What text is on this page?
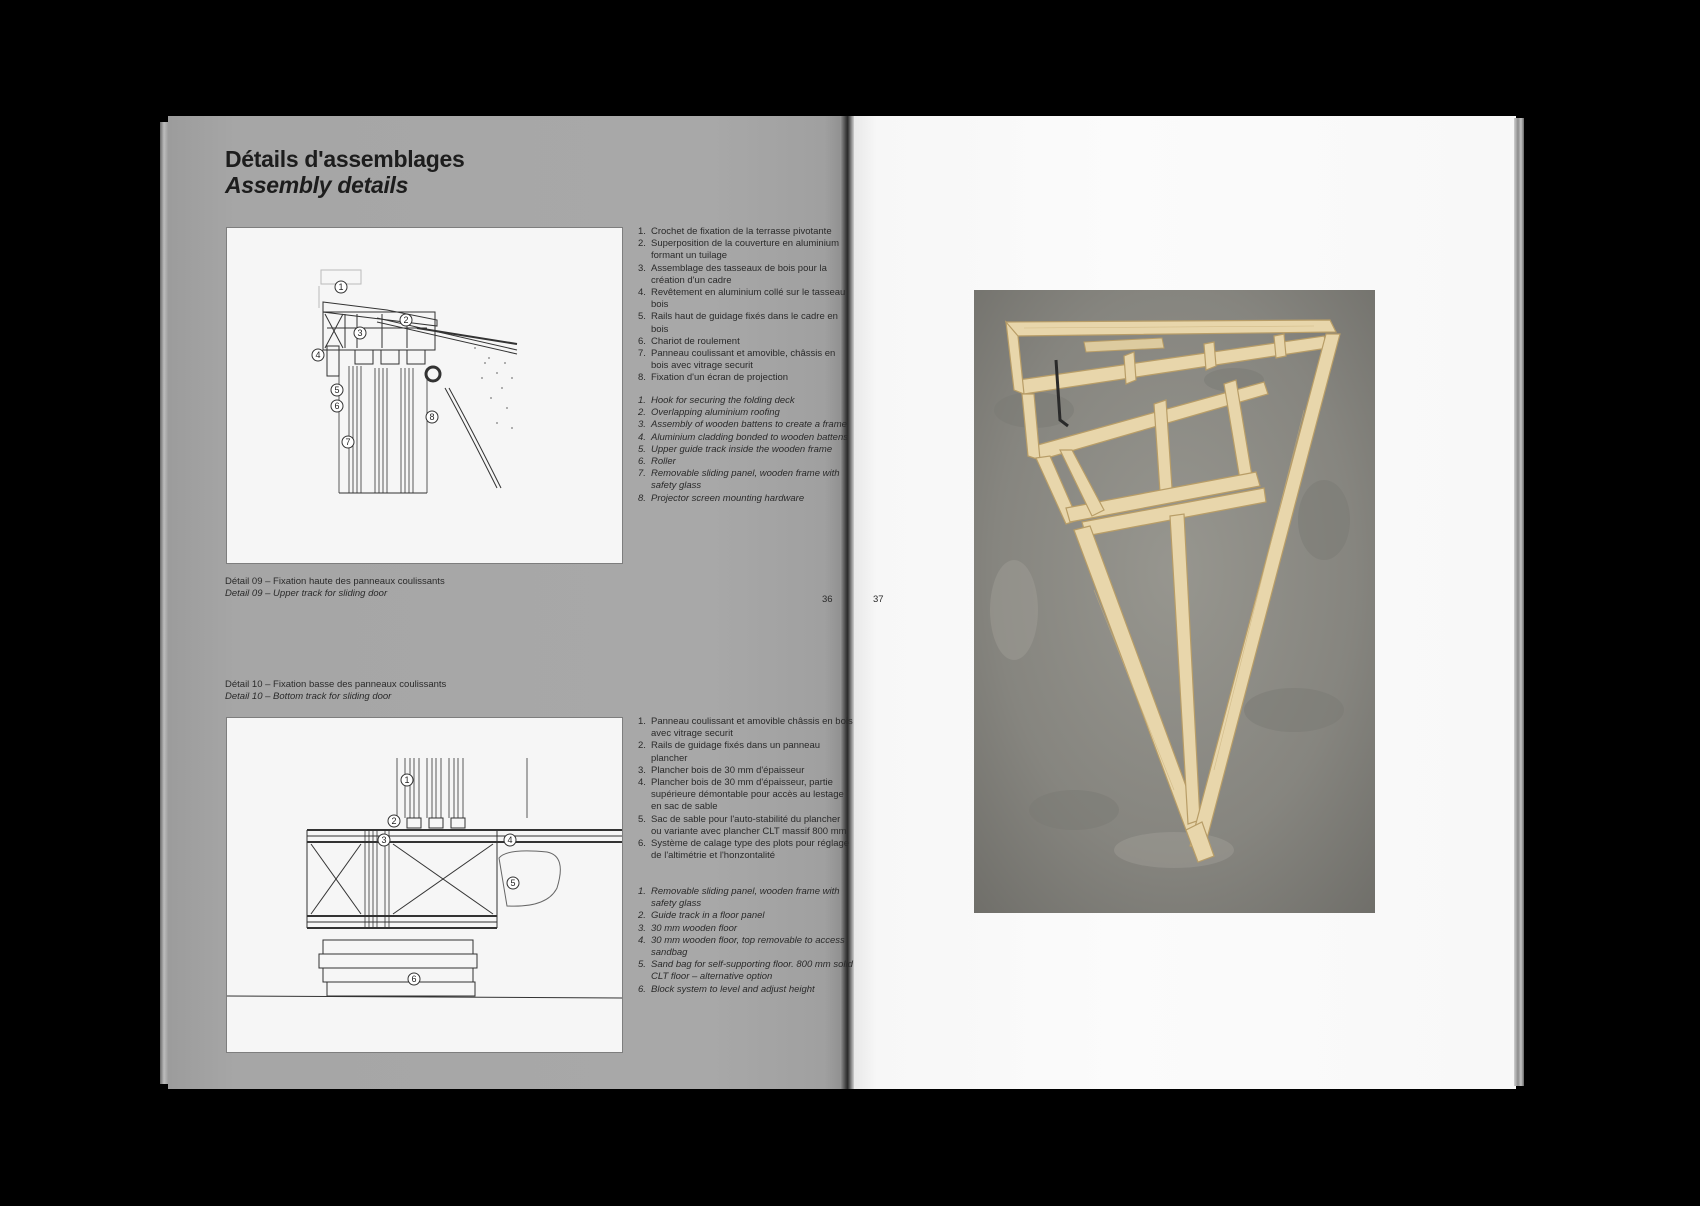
Détails d'assemblages
Assembly details
1
2
3
4
5
6
7
8
1. Crochet de fixation de la terrasse pivotante
2. Superposition de la couverture en aluminium formant un tuilage
3. Assemblage des tasseaux de bois pour la création d'un cadre
4. Revêtement en aluminium collé sur le tasseau bois
5. Rails haut de guidage fixés dans le cadre en bois
6. Chariot de roulement
7. Panneau coulissant et amovible, châssis en bois avec vitrage securit
8. Fixation d'un écran de projection
1. Hook for securing the folding deck
2. Overlapping aluminium roofing
3. Assembly of wooden battens to create a frame
4. Aluminium cladding bonded to wooden battens
5. Upper guide track inside the wooden frame
6. Roller
7. Removable sliding panel, wooden frame with safety glass
8. Projector screen mounting hardware
Détail 09 – Fixation haute des panneaux coulissants
Detail 09 – Upper track for sliding door
36	37
Détail 10 – Fixation basse des panneaux coulissants
Detail 10 – Bottom track for sliding door
1
2
3	4
5
6
1. Panneau coulissant et amovible châssis en bois avec vitrage securit
2. Rails de guidage fixés dans un panneau plancher
3. Plancher bois de 30 mm d'épaisseur
4. Plancher bois de 30 mm d'épaisseur, partie supérieure démontable pour accès au lestage en sac de sable
5. Sac de sable pour l'auto-stabilité du plancher ou variante avec plancher CLT massif 800 mm
6. Système de calage type des plots pour réglage de l'altimétrie et l'honzontalité
1. Removable sliding panel, wooden frame with safety glass
2. Guide track in a floor panel
3. 30 mm wooden floor
4. 30 mm wooden floor, top removable to access sandbag
5. Sand bag for self-supporting floor. 800 mm solid CLT floor – alternative option
6. Block system to level and adjust height
